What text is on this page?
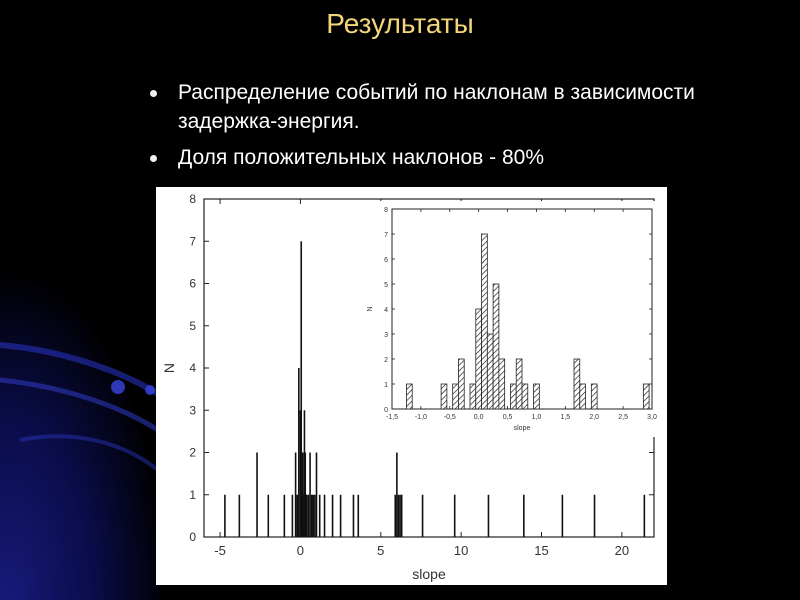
Результаты
Распределение событий по наклонам в зависимости задержка-энергия.
Доля положительных наклонов - 80%
0
1
2
3
4
5
6
7
8
-5	0	5	10	15	20
slope
N
0
1
2
3
4
5
6
7
8
-1,5 -1,0 -0,5	0,0	0,5	1,0	1,5	2,0	2,5	3,0
slope
N
